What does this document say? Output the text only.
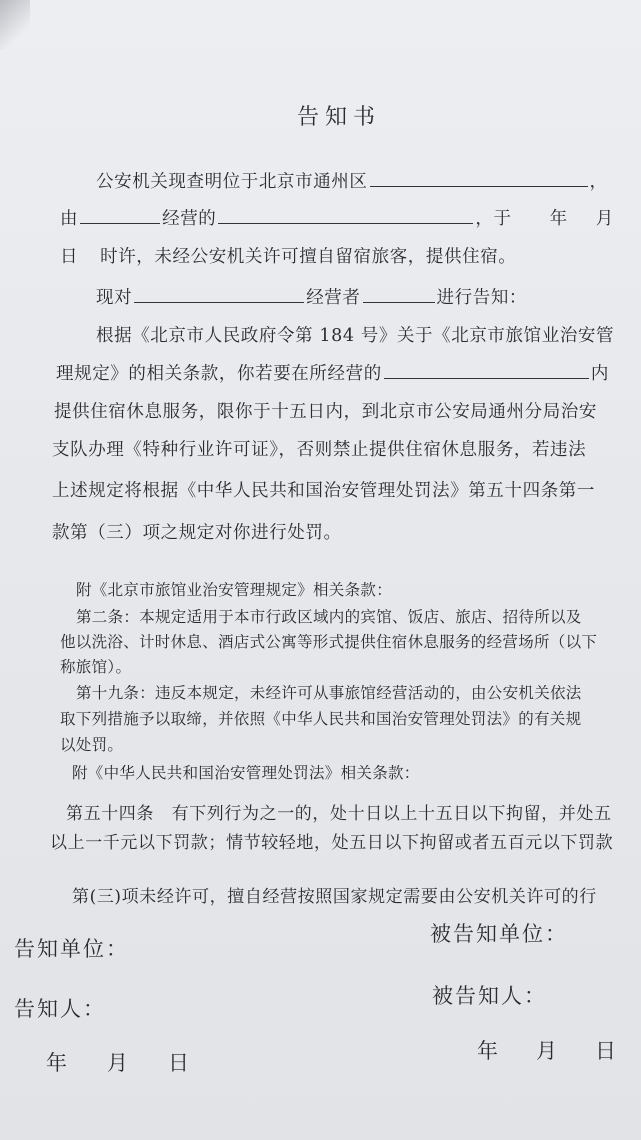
告知书
公安机关现查明位于北京市通州区	，
由	经营的	，于 年 月
日 时许，未经公安机关许可擅自留宿旅客，提供住宿。
现对	经营者	进行告知：
根据《北京市人民政府令第 184 号》关于《北京市旅馆业治安管
理规定》的相关条款，你若要在所经营的	内
提供住宿休息服务，限你于十五日内，到北京市公安局通州分局治安
支队办理《特种行业许可证》，否则禁止提供住宿休息服务，若违法
上述规定将根据《中华人民共和国治安管理处罚法》第五十四条第一
款第（三）项之规定对你进行处罚。
附《北京市旅馆业治安管理规定》相关条款：
第二条：本规定适用于本市行政区域内的宾馆、饭店、旅店、招待所以及
他以洗浴、计时休息、酒店式公寓等形式提供住宿休息服务的经营场所（以下
称旅馆）。
第十九条：违反本规定，未经许可从事旅馆经营活动的，由公安机关依法
取下列措施予以取缔，并依照《中华人民共和国治安管理处罚法》的有关规
以处罚。
附《中华人民共和国治安管理处罚法》相关条款：
第五十四条　有下列行为之一的，处十日以上十五日以下拘留，并处五
以上一千元以下罚款；情节较轻地，处五日以下拘留或者五百元以下罚款
第(三)项未经许可，擅自经营按照国家规定需要由公安机关许可的行
告知单位：
告知人：
年 月 日
被告知单位：
被告知人：
年 月 日
